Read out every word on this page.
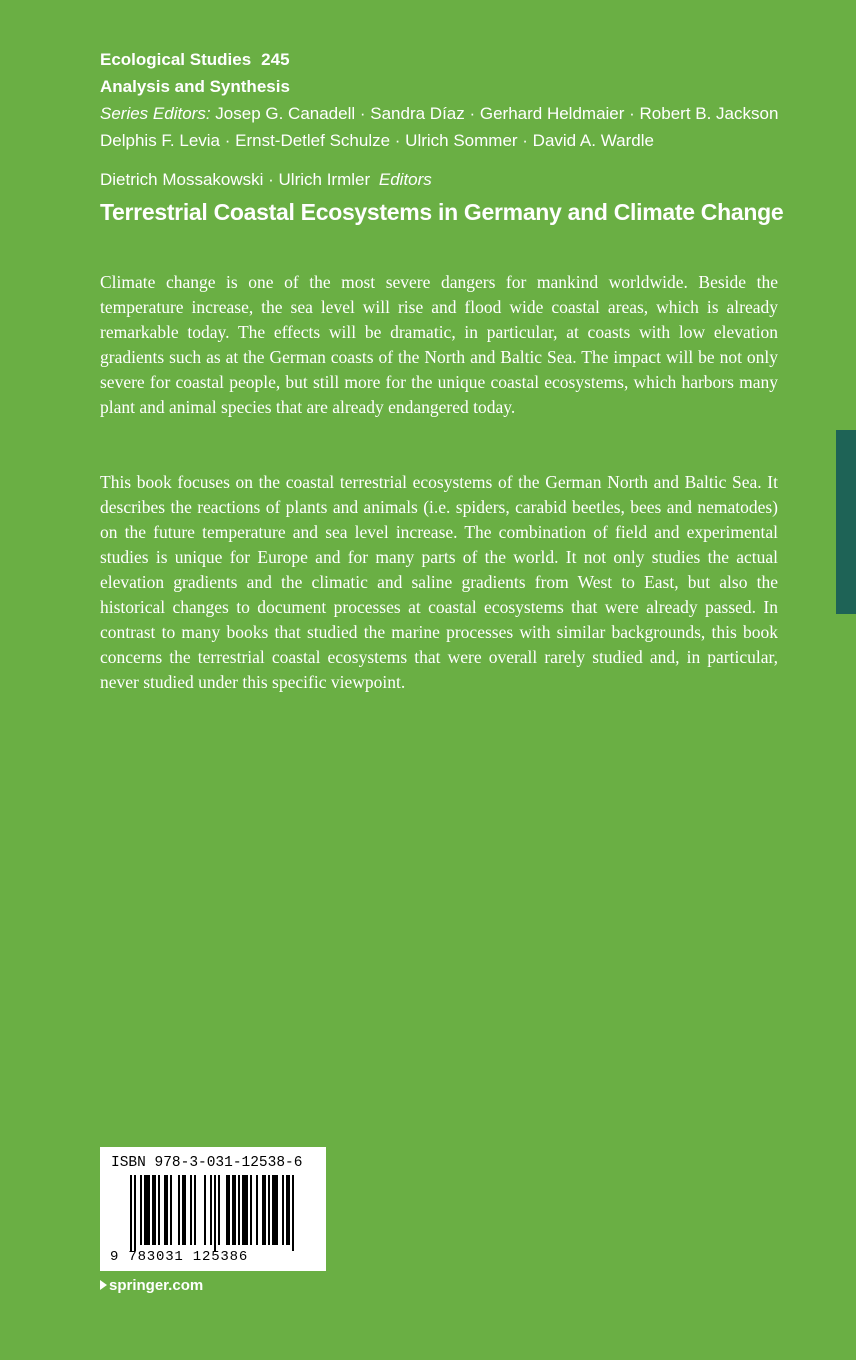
Ecological Studies 245
Analysis and Synthesis
Series Editors: Josep G. Canadell · Sandra Díaz · Gerhard Heldmaier · Robert B. Jackson
Delphis F. Levia · Ernst-Detlef Schulze · Ulrich Sommer · David A. Wardle
Dietrich Mossakowski · Ulrich Irmler Editors
Terrestrial Coastal Ecosystems in Germany and Climate Change

Climate change is one of the most severe dangers for mankind worldwide. Beside the temperature increase, the sea level will rise and flood wide coastal areas, which is already remarkable today. The effects will be dramatic, in particular, at coasts with low elevation gradients such as at the German coasts of the North and Baltic Sea. The impact will be not only severe for coastal people, but still more for the unique coastal ecosystems, which harbors many plant and animal species that are already endangered today.

This book focuses on the coastal terrestrial ecosystems of the German North and Baltic Sea. It describes the reactions of plants and animals (i.e. spiders, carabid beetles, bees and nematodes) on the future temperature and sea level increase. The combination of field and experimental studies is unique for Europe and for many parts of the world. It not only studies the actual elevation gradients and the climatic and saline gradients from West to East, but also the historical changes to document processes at coastal ecosystems that were already passed. In contrast to many books that studied the marine processes with similar backgrounds, this book concerns the terrestrial coastal ecosystems that were overall rarely studied and, in particular, never studied under this specific viewpoint.

ISBN 978-3-031-12538-6
9 783031 125386
springer.com
